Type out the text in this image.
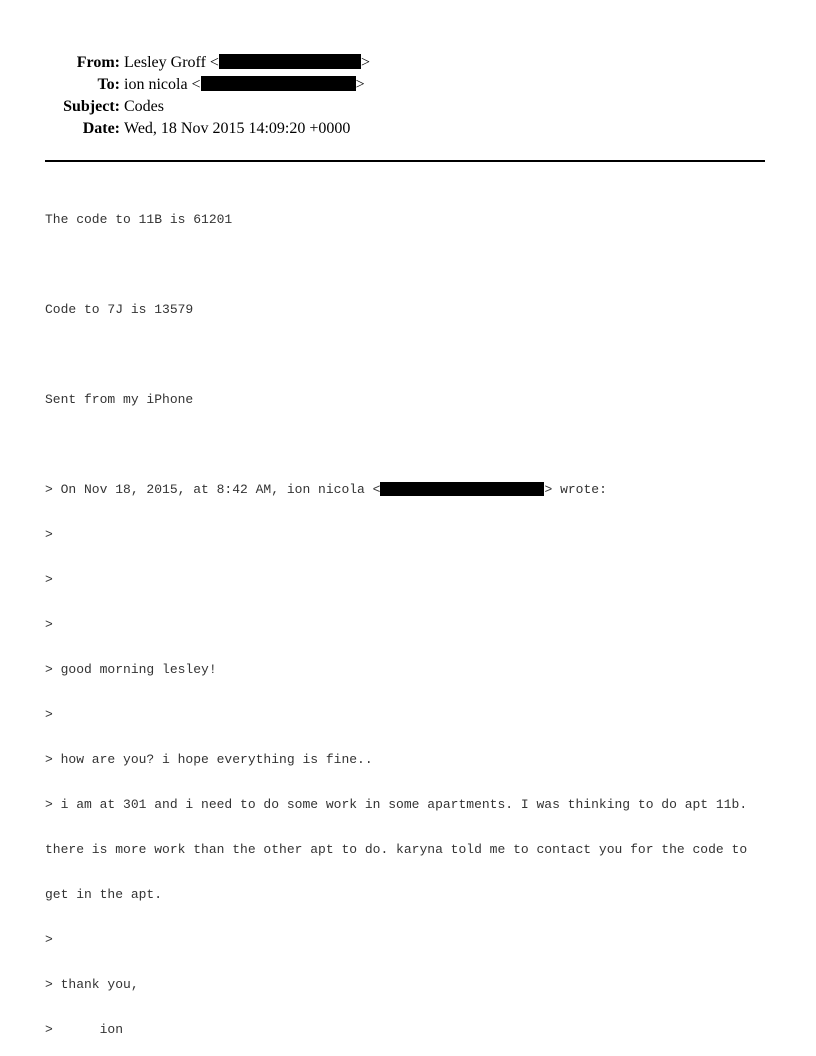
From: Lesley Groff <	>
To: ion nicola <	>
Subject: Codes
Date: Wed, 18 Nov 2015 14:09:20 +0000

The code to 11B is 61201

Code to 7J is 13579

Sent from my iPhone

> On Nov 18, 2015, at 8:42 AM, ion nicola <	> wrote:

>

>

>

> good morning lesley!

>

> how are you? i hope everything is fine..

> i am at 301 and i need to do some work in some apartments. I was thinking to do apt 11b.

there is more work than the other apt to do. karyna told me to contact you for the code to

get in the apt.

>

> thank you,

>      ion
